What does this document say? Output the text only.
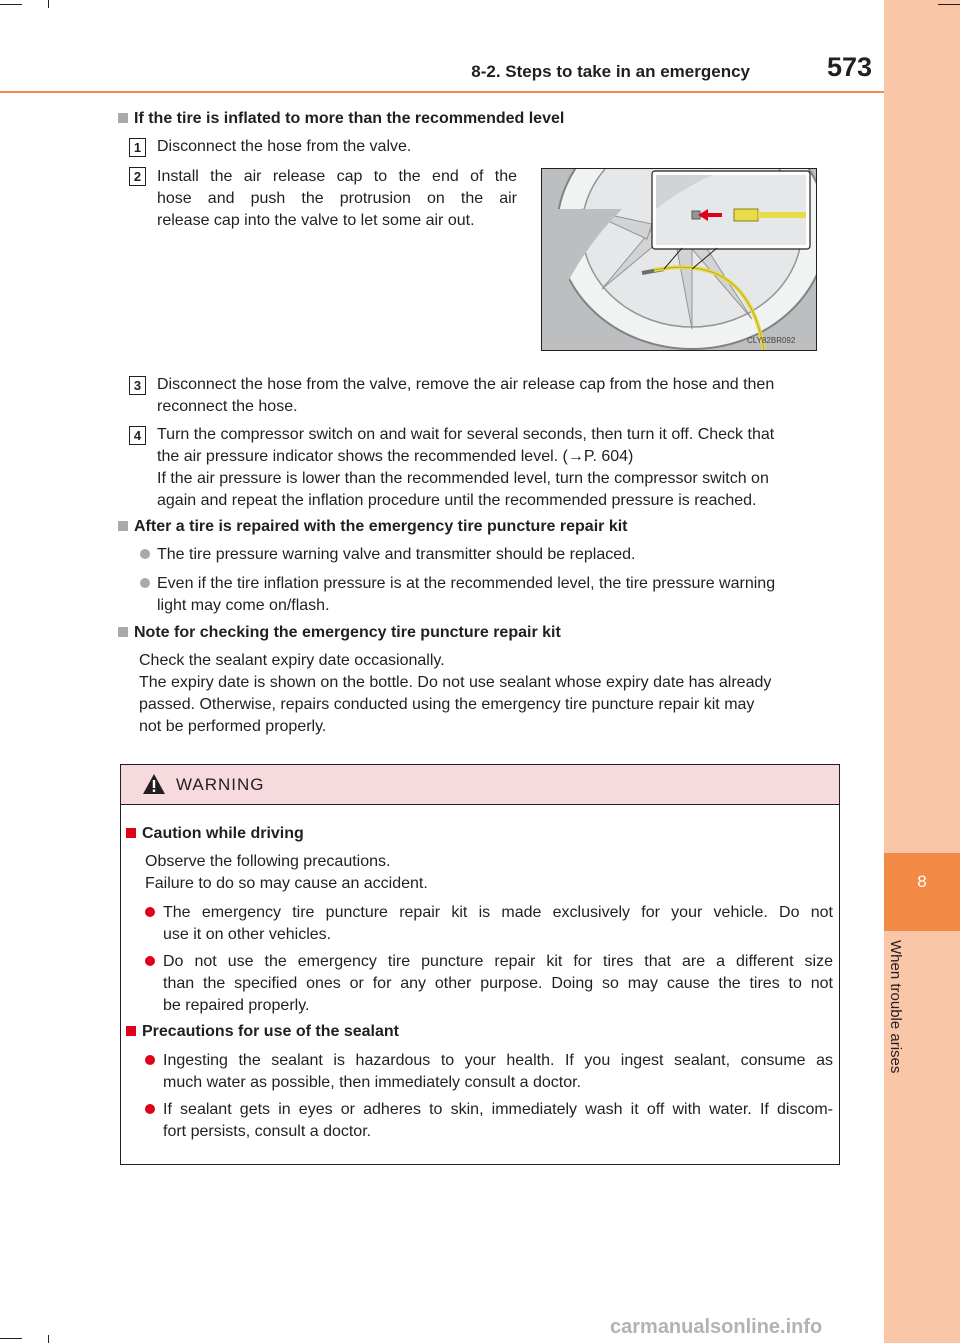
8
When trouble arises
8-2. Steps to take in an emergency	573
If the tire is inflated to more than the recommended level
1 Disconnect the hose from the valve.
2 Install the air release cap to the end of the
hose and push the protrusion on the air
release cap into the valve to let some air out.
CLY82BR092
3 Disconnect the hose from the valve, remove the air release cap from the hose and then
reconnect the hose.
4 Turn the compressor switch on and wait for several seconds, then turn it off. Check that
the air pressure indicator shows the recommended level. (→P. 604)
If the air pressure is lower than the recommended level, turn the compressor switch on
again and repeat the inflation procedure until the recommended pressure is reached.
After a tire is repaired with the emergency tire puncture repair kit
The tire pressure warning valve and transmitter should be replaced.
Even if the tire inflation pressure is at the recommended level, the tire pressure warning
light may come on/flash.
Note for checking the emergency tire puncture repair kit
Check the sealant expiry date occasionally.
The expiry date is shown on the bottle. Do not use sealant whose expiry date has already
passed. Otherwise, repairs conducted using the emergency tire puncture repair kit may
not be performed properly.
WARNING
Caution while driving
Observe the following precautions.
Failure to do so may cause an accident.
The emergency tire puncture repair kit is made exclusively for your vehicle. Do not
use it on other vehicles.
Do not use the emergency tire puncture repair kit for tires that are a different size
than the specified ones or for any other purpose. Doing so may cause the tires to not
be repaired properly.
Precautions for use of the sealant
Ingesting the sealant is hazardous to your health. If you ingest sealant, consume as
much water as possible, then immediately consult a doctor.
If sealant gets in eyes or adheres to skin, immediately wash it off with water. If discom-
fort persists, consult a doctor.
carmanualsonline.info
